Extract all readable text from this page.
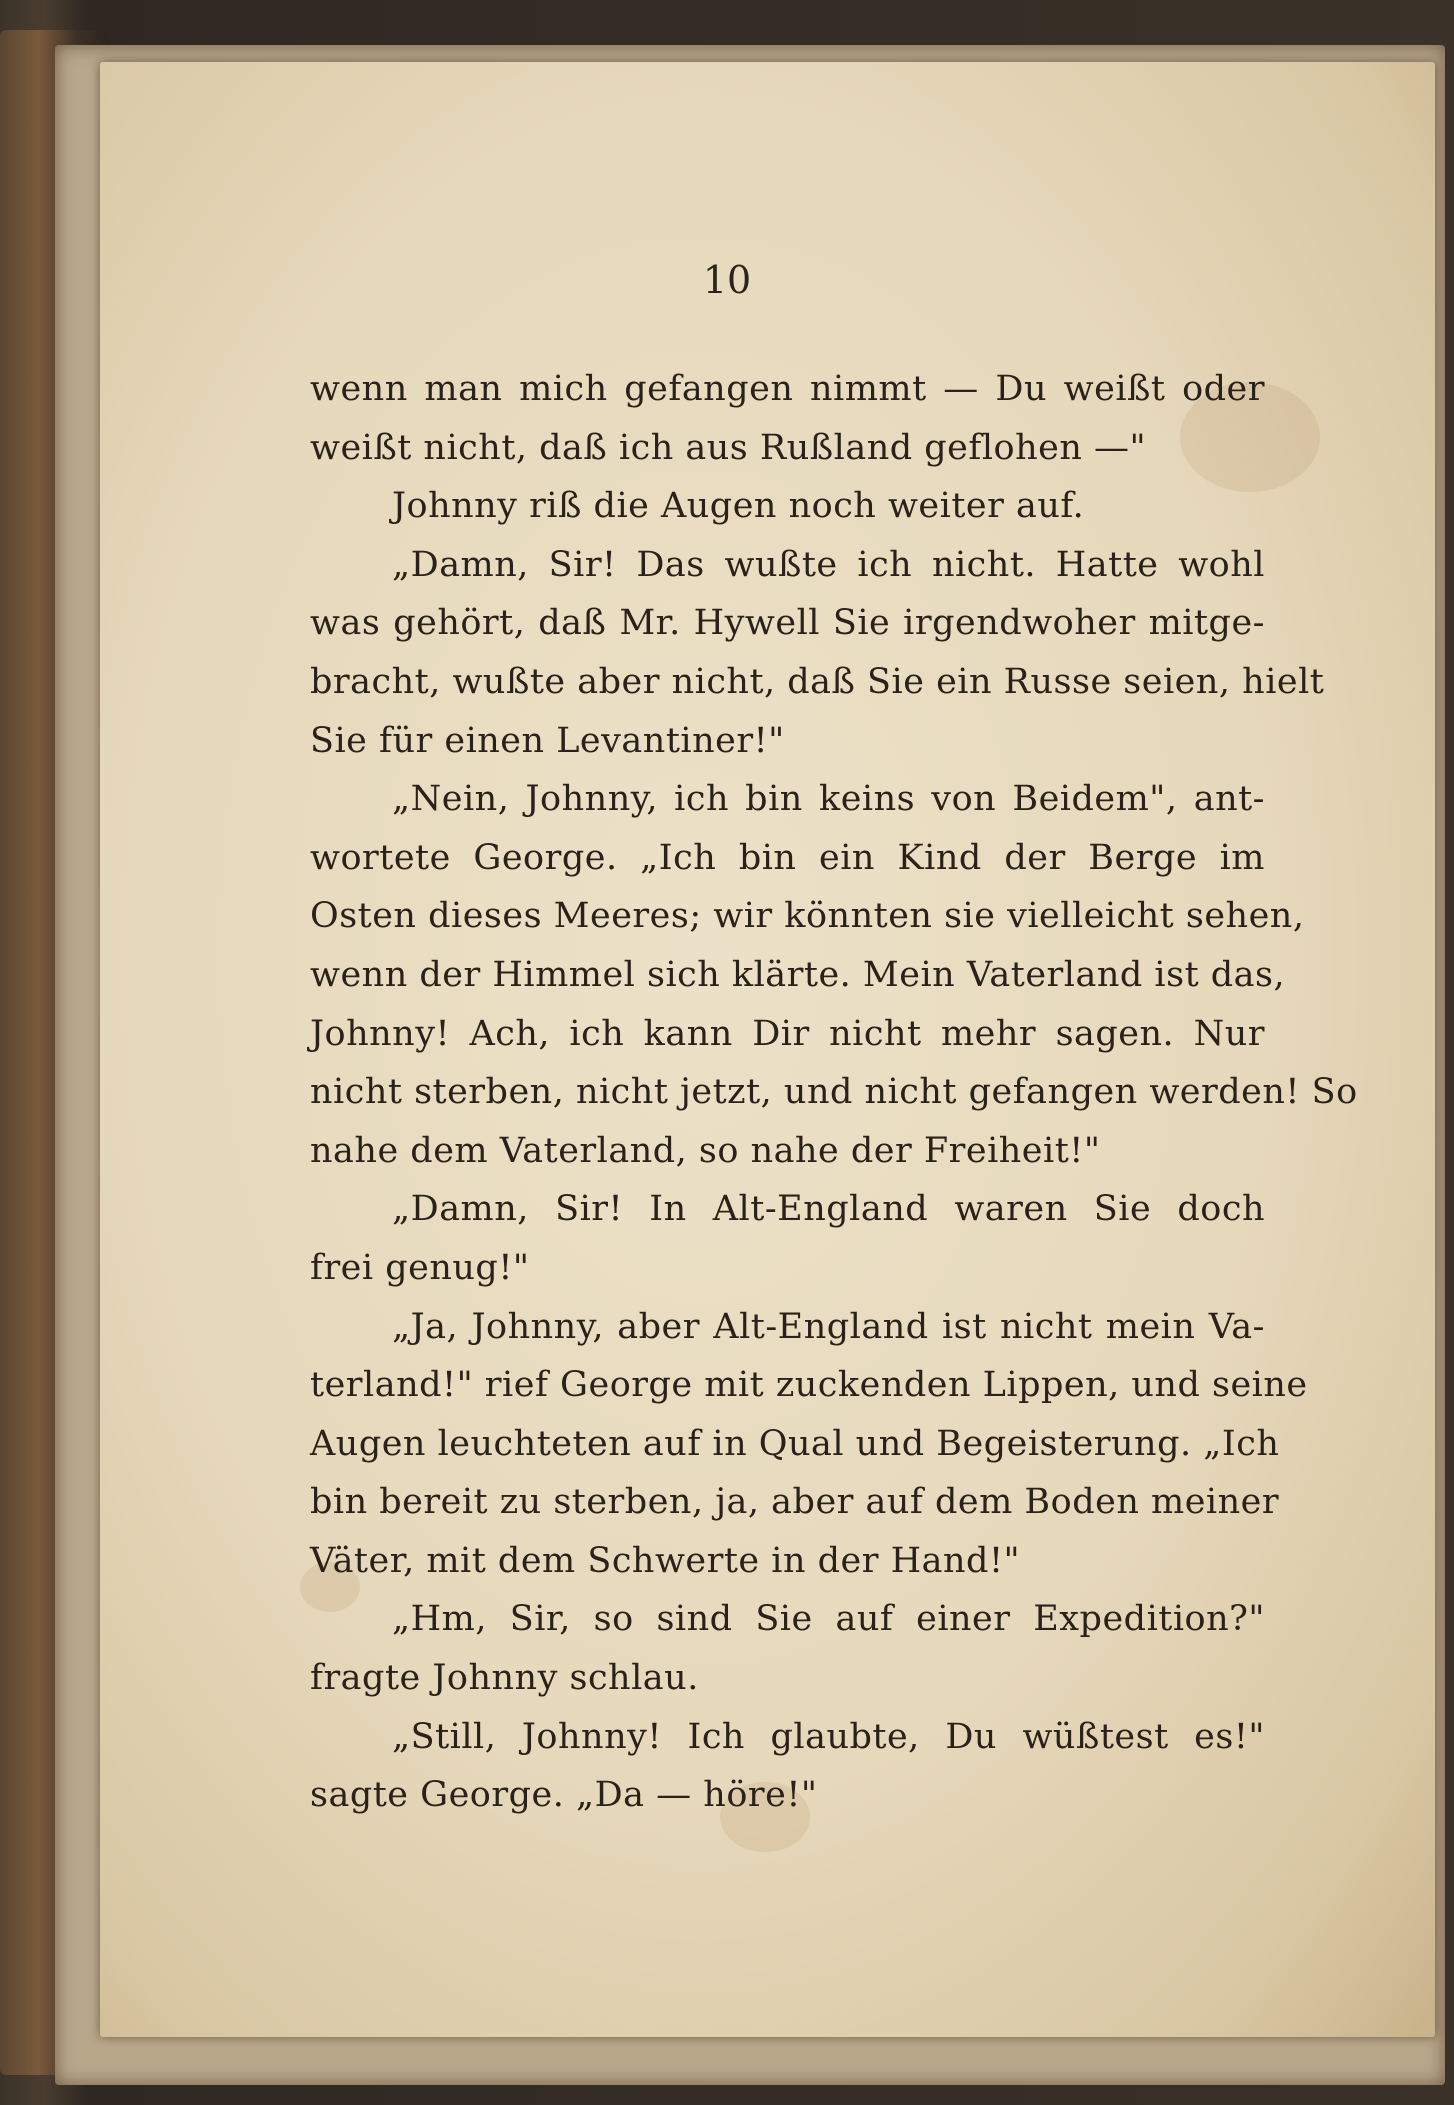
10
wenn man mich gefangen nimmt — Du weißt oder
weißt nicht, daß ich aus Rußland geflohen —"
Johnny riß die Augen noch weiter auf.
„Damn, Sir! Das wußte ich nicht. Hatte wohl
was gehört, daß Mr. Hywell Sie irgendwoher mitge-
bracht, wußte aber nicht, daß Sie ein Russe seien, hielt
Sie für einen Levantiner!"
„Nein, Johnny, ich bin keins von Beidem", ant-
wortete George. „Ich bin ein Kind der Berge im
Osten dieses Meeres; wir könnten sie vielleicht sehen,
wenn der Himmel sich klärte. Mein Vaterland ist das,
Johnny! Ach, ich kann Dir nicht mehr sagen. Nur
nicht sterben, nicht jetzt, und nicht gefangen werden! So
nahe dem Vaterland, so nahe der Freiheit!"
„Damn, Sir! In Alt-England waren Sie doch
frei genug!"
„Ja, Johnny, aber Alt-England ist nicht mein Va-
terland!" rief George mit zuckenden Lippen, und seine
Augen leuchteten auf in Qual und Begeisterung. „Ich
bin bereit zu sterben, ja, aber auf dem Boden meiner
Väter, mit dem Schwerte in der Hand!"
„Hm, Sir, so sind Sie auf einer Expedition?"
fragte Johnny schlau.
„Still, Johnny! Ich glaubte, Du wüßtest es!"
sagte George. „Da — höre!"
